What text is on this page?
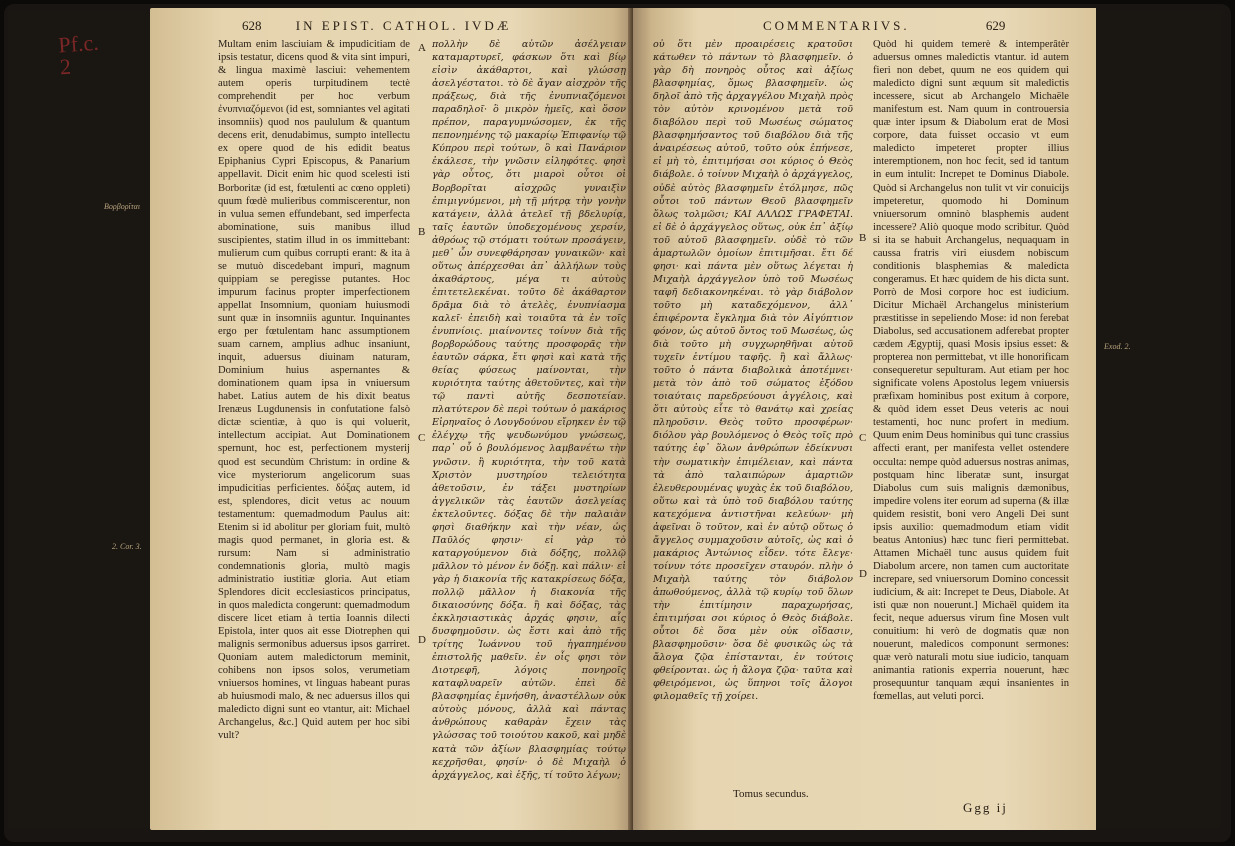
Pf.c.
2
628	IN EPIST. CATHOL. IVDÆ

Multam enim lasciuiam & impudicitiam de ipsis testatur, dicens quod & vita sint impuri, & lingua maximè lasciui: vehementem autem operis turpitudinem tectè comprehendit per hoc verbum ἐνυπνιαζόμενοι (id est, somniantes vel agitati insomniis) quod nos paululum & quantum decens erit, denudabimus, sumpto intellectu ex opere quod de his edidit beatus Epiphanius Cypri Episcopus, & Panarium appellavit. Dicit enim hic quod scelesti isti Borboritæ (id est, fœtulenti ac cœno oppleti) quum fœdè mulieribus commiscerentur, non in vulua semen effundebant, sed imperfecta abominatione, suis manibus illud suscipientes, statim illud in os immittebant: mulierum cum quibus corrupti erant: & ita à se mutuò discedebant impuri, magnum quippiam se peregisse putantes. Hoc impurum facinus propter imperfectionem appellat Insomnium, quoniam huiusmodi sunt quæ in insomniis aguntur. Inquinantes ergo per fœtulentam hanc assumptionem suam carnem, amplius adhuc insaniunt, inquit, aduersus diuinam naturam, Dominium huius aspernantes & dominationem quam ipsa in vniuersum habet. Latius autem de his dixit beatus Irenæus Lugdunensis in confutatione falsò dictæ scientiæ, à quo is qui voluerit, intellectum accipiat. Aut Dominationem spernunt, hoc est, perfectionem mysterij quod est secundùm Christum: in ordine & vice mysteriorum angelicorum suas impudicitias perficientes. δόξας autem, id est, splendores, dicit vetus ac nouum testamentum: quemadmodum Paulus ait: Etenim si id abolitur per gloriam fuit, multò magis quod permanet, in gloria est. & rursum: Nam si administratio condemnationis gloria, multò magis administratio iustitiæ gloria. Aut etiam Splendores dicit ecclesiasticos principatus, in quos maledicta congerunt: quemadmodum discere licet etiam à tertia Ioannis dilecti Epistola, inter quos ait esse Diotrephen qui malignis sermonibus aduersus ipsos garriret. Quoniam autem maledictorum meminit, cohibens non ipsos solos, verumetiam vniuersos homines, vt linguas habeant puras ab huiusmodi malo, & nec aduersus illos qui maledicto digni sunt eo vtantur, ait: Michael Archangelus, &c.] Quid autem per hoc sibi vult?

πολλὴν δὲ αὐτῶν ἀσέλγειαν καταμαρτυρεῖ, φάσκων ὅτι καὶ βίῳ εἰσὶν ἀκάθαρτοι, καὶ γλώσσῃ ἀσελγέστατοι. τὸ δὲ ἄγαν αἰσχρὸν τῆς πράξεως, διὰ τῆς ἐνυπνιαζόμενοι παραδηλοῖ· ὃ μικρὸν ἡμεῖς, καὶ ὅσον πρέπον, παραγυμνώσομεν, ἐκ τῆς πεπονημένης τῷ μακαρίῳ Ἐπιφανίῳ τῷ Κύπρου περὶ τούτων, ὃ καὶ Πανάριον ἐκάλεσε, τὴν γνῶσιν εἰληφότες. φησὶ γὰρ οὗτος, ὅτι μιαροὶ οὗτοι οἱ Βορβορῖται αἰσχρῶς γυναιξὶν ἐπιμιγνύμενοι, μὴ τῇ μήτρᾳ τὴν γονὴν κατάγειν, ἀλλὰ ἀτελεῖ τῇ βδελυρίᾳ, ταῖς ἑαυτῶν ὑποδεχομένους χερσίν, ἀθρόως τῷ στόματι τούτων προσάγειν, μεθ᾽ ὧν συνεφθάρησαν γυναικῶν· καὶ οὕτως ἀπέρχεσθαι ἀπ᾽ ἀλλήλων τοὺς ἀκαθάρτους, μέγα τι αὐτοὺς ἐπιτετελεκέναι. τοῦτο δὲ ἀκάθαρτον δρᾶμα διὰ τὸ ἀτελὲς, ἐνυπνίασμα καλεῖ· ἐπειδὴ καὶ τοιαῦτα τὰ ἐν τοῖς ἐνυπνίοις. μιαίνοντες τοίνυν διὰ τῆς βορβορώδους ταύτης προσφορᾶς τὴν ἑαυτῶν σάρκα, ἔτι φησὶ καὶ κατὰ τῆς θείας φύσεως μαίνονται, τὴν κυριότητα ταύτης ἀθετοῦντες, καὶ τὴν τῷ παντὶ αὐτῆς δεσποτείαν. πλατύτερον δὲ περὶ τούτων ὁ μακάριος Εἰρηναῖος ὁ Λουγδούνου εἴρηκεν ἐν τῷ ἐλέγχῳ τῆς ψευδωνύμου γνώσεως, παρ᾽ οὗ ὁ βουλόμενος λαμβανέτω τὴν γνῶσιν. ἢ κυριότητα, τὴν τοῦ κατὰ Χριστὸν μυστηρίου τελειότητα ἀθετοῦσιν, ἐν τάξει μυστηρίων ἀγγελικῶν τὰς ἑαυτῶν ἀσελγείας ἐκτελοῦντες. δόξας δὲ τὴν παλαιὰν φησὶ διαθήκην καὶ τὴν νέαν, ὡς Παῦλός φησιν· εἰ γὰρ τὸ καταργούμενον διὰ δόξης, πολλῷ μᾶλλον τὸ μένον ἐν δόξῃ. καὶ πάλιν· εἰ γὰρ ἡ διακονία τῆς κατακρίσεως δόξα, πολλῷ μᾶλλον ἡ διακονία τῆς δικαιοσύνης δόξα. ἢ καὶ δόξας, τὰς ἐκκλησιαστικὰς ἀρχάς φησιν, αἷς δυσφημοῦσιν. ὡς ἔστι καὶ ἀπὸ τῆς τρίτης Ἰωάννου τοῦ ἠγαπημένου ἐπιστολῆς μαθεῖν. ἐν οἷς φησι τὸν Διοτρεφῆ, λόγοις πονηροῖς καταφλυαρεῖν αὐτῶν. ἐπεὶ δὲ βλασφημίας ἐμνήσθη, ἀναστέλλων οὐκ αὐτοὺς μόνους, ἀλλὰ καὶ πάντας ἀνθρώπους καθαρὰν ἔχειν τὰς γλώσσας τοῦ τοιούτου κακοῦ, καὶ μηδὲ κατὰ τῶν ἀξίων βλασφημίας τούτῳ κεχρῆσθαι, φησίν· ὁ δὲ Μιχαὴλ ὁ ἀρχάγγελος, καὶ ἑξῆς, τί τοῦτο λέγων;

A
B
C
D
Βορβορῖται
2. Cor. 3.
COMMENTARIVS.	629

οὐ ὅτι μὲν προαιρέσεις κρατοῦσι κάτωθεν τὸ πάντων τὸ βλασφημεῖν. ὁ γὰρ δὴ πονηρὸς οὗτος καὶ ἀξίως βλασφημίας, ὅμως βλασφημεῖν. ὡς δηλοῖ ἀπὸ τῆς ἀρχαγγέλου Μιχαὴλ πρὸς τὸν αὐτὸν κρινομένου μετὰ τοῦ διαβόλου περὶ τοῦ Μωσέως σώματος βλασφημήσαντος τοῦ διαβόλου διὰ τῆς ἀναιρέσεως αὐτοῦ, τοῦτο οὐκ ἐπήνεσε, εἰ μὴ τὸ, ἐπιτιμήσαι σοι κύριος ὁ Θεὸς διάβολε. ὁ τοίνυν Μιχαὴλ ὁ ἀρχάγγελος, οὐδὲ αὐτὸς βλασφημεῖν ἐτόλμησε, πῶς οὗτοι τοῦ πάντων Θεοῦ βλασφημεῖν ὅλως τολμῶσι; KAI ΑΛΛΩΣ ΓΡΑΦΕΤΑΙ. εἰ δὲ ὁ ἀρχάγγελος οὕτως, οὐκ ἐπ᾽ ἀξίῳ τοῦ αὐτοῦ βλασφημεῖν. οὐδὲ τὸ τῶν ἁμαρτωλῶν ὁμοίων ἐπιτιμῆσαι. ἔτι δέ φησι· καὶ πάντα μὲν οὕτως λέγεται ἡ Μιχαὴλ ἀρχάγγελον ὑπὸ τοῦ Μωσέως ταφῆ δεδιακονηκέναι. τὸ γὰρ διάβολον τοῦτο μὴ καταδεχόμενον, ἀλλ᾽ ἐπιφέροντα ἔγκλημα διὰ τὸν Αἰγύπτιον φόνον, ὡς αὐτοῦ ὄντος τοῦ Μωσέως, ὡς διὰ τοῦτο μὴ συγχωρηθῆναι αὐτοῦ τυχεῖν ἐντίμου ταφῆς. ἢ καὶ ἄλλως· τοῦτο ὁ πάντα διαβολικὰ ἀποτέμνει· μετὰ τὸν ἀπὸ τοῦ σώματος ἐξόδου τοιαύταις παρεδρεύουσι ἀγγέλοις, καὶ ὅτι αὐτοὺς εἶτε τὸ θανάτῳ καὶ χρείας πληροῦσιν. Θεὸς τοῦτο προσφέρων· διόλου γὰρ βουλόμενος ὁ Θεὸς τοῖς πρὸ ταύτης ἐφ᾽ ὅλων ἀνθρώπων ἐδείκνυσι τὴν σωματικὴν ἐπιμέλειαν, καὶ πάντα τὰ ἀπὸ ταλαιπώρων ἁμαρτιῶν ἐλευθερουμένας ψυχὰς ἐκ τοῦ διαβόλου, οὕτω καὶ τὰ ὑπὸ τοῦ διαβόλου ταύτης κατεχόμενα ἀντιστῆναι κελεύων· μὴ ἀφεῖναι ὃ τοῦτον, καὶ ἐν αὐτῷ οὕτως ὁ ἄγγελος συμμαχοῦσιν αὐτοῖς, ὡς καὶ ὁ μακάριος Ἀντώνιος εἶδεν. τότε ἔλεγε· τοίνυν τότε προσεῖχεν σταυρόν. πλὴν ὁ Μιχαὴλ ταύτης τὸν διάβολον ἀπωθούμενος, ἀλλὰ τῷ κυρίῳ τοῦ ὅλων τὴν ἐπιτίμησιν παραχωρήσας, ἐπιτιμήσαι σοι κύριος ὁ Θεὸς διάβολε. οὗτοι δὲ ὅσα μὲν οὐκ οἴδασιν, βλασφημοῦσιν· ὅσα δὲ φυσικῶς ὡς τὰ ἄλογα ζῷα ἐπίστανται, ἐν τούτοις φθείρονται. ὡς ἡ ἄλογα ζῷα· ταῦτα καὶ φθειρόμενοι, ὡς ὕπηνοι τοῖς ἄλογοι φιλομαθεῖς τῇ χοίρει.

Quòd hi quidem temerè & intemperâtèr aduersus omnes maledictis vtantur. id autem fieri non debet, quum ne eos quidem qui maledicto digni sunt æquum sit maledictis incessere, sicut ab Archangelo Michaële manifestum est. Nam quum in controuersia quæ inter ipsum & Diabolum erat de Mosi corpore, data fuisset occasio vt eum maledicto impeteret propter illius interemptionem, non hoc fecit, sed id tantum in eum intulit: Increpet te Dominus Diabole. Quòd si Archangelus non tulit vt vir conuicijs impeteretur, quomodo hi Dominum vniuersorum omninò blasphemis audent incessere? Aliò quoque modo scribitur. Quòd si ita se habuit Archangelus, nequaquam in caussa fratris viri eiusdem nobiscum conditionis blasphemias & maledicta congeramus. Et hæc quidem de his dicta sunt. Porrò de Mosi corpore hoc est iudicium. Dicitur Michaël Archangelus ministerium præstitisse in sepeliendo Mose: id non ferebat Diabolus, sed accusationem adferebat propter cædem Ægyptij, quasi Mosis ipsius esset: & propterea non permittebat, vt ille honorificam consequeretur sepulturam. Aut etiam per hoc significate volens Apostolus legem vniuersis præfixam hominibus post exitum à corpore, & quòd idem esset Deus veteris ac noui testamenti, hoc nunc profert in medium. Quum enim Deus hominibus qui tunc crassius affecti erant, per manifesta vellet ostendere occulta: nempe quòd aduersus nostras animas, postquam hinc liberatæ sunt, insurgat Diabolus cum suis malignis dæmonibus, impedire volens iter eorum ad superna (& illæ quidem resistit, boni vero Angeli Dei sunt ipsis auxilio: quemadmodum etiam vidit beatus Antonius) hæc tunc fieri permittebat. Attamen Michaël tunc ausus quidem fuit Diabolum arcere, non tamen cum auctoritate increpare, sed vniuersorum Domino concessit iudicium, & ait: Increpet te Deus, Diabole. At isti quæ non nouerunt.] Michaël quidem ita fecit, neque aduersus virum fine Mosen vult conuitium: hi verò de dogmatis quæ non nouerunt, maledicos componunt sermones: quæ verò naturali motu siue iudicio, tanquam animantia rationis experria nouerunt, hæc prosequuntur tanquam æqui insanientes in fœmellas, aut veluti porci.

B
C
D
Tomus secundus.
Ggg ij
Exod. 2.
